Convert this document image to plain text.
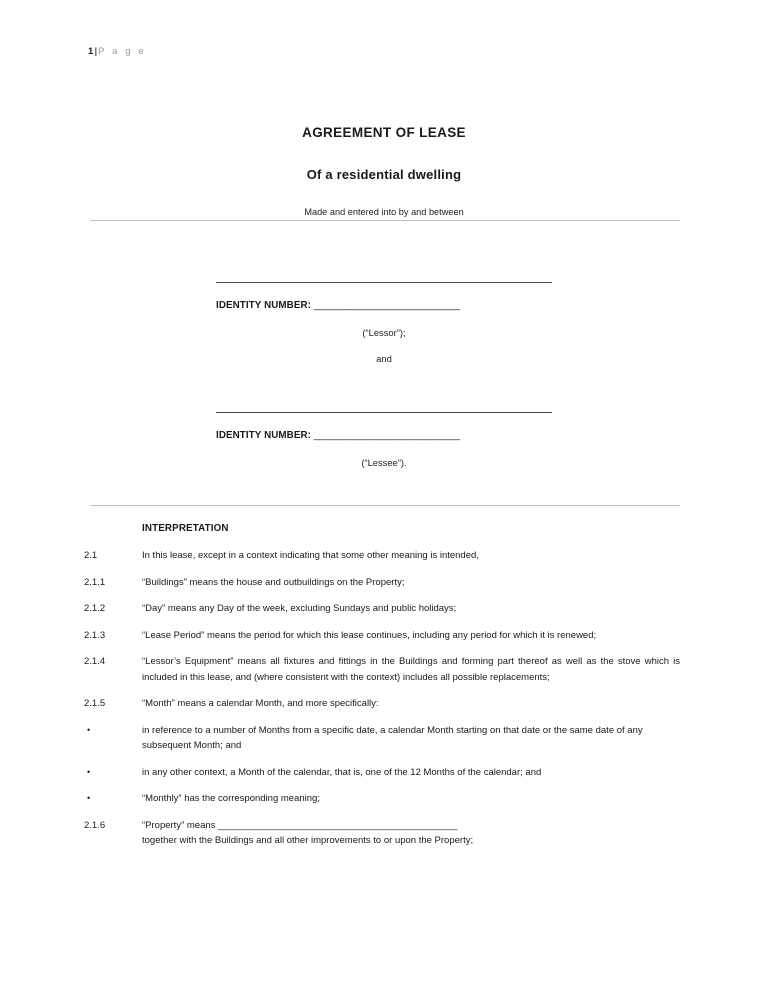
1|P a g e
AGREEMENT OF LEASE
Of a residential dwelling

Made and entered into by and between

IDENTITY NUMBER: ______________________________
(“Lessor”);
and
IDENTITY NUMBER: ______________________________
(“Lessee”).
INTERPRETATION
2.1	In this lease, except in a context indicating that some other meaning is intended,
2.1.1	“Buildings” means the house and outbuildings on the Property;
2.1.2	“Day” means any Day of the week, excluding Sundays and public holidays;
2.1.3	“Lease Period” means the period for which this lease continues, including any period for which it is renewed;
2.1.4	“Lessor’s Equipment” means all fixtures and fittings in the Buildings and forming part thereof as well as the stove which is included in this lease, and (where consistent with the context) includes all possible replacements;
2.1.5	“Month” means a calendar Month, and more specifically:
•	in reference to a number of Months from a specific date, a calendar Month starting on that date or the same date of any subsequent Month; and
•	in any other context, a Month of the calendar, that is, one of the 12 Months of the calendar; and
•	“Monthly” has the corresponding meaning;
2.1.6	“Property” means ___________________________________________________
together with the Buildings and all other improvements to or upon the Property;
